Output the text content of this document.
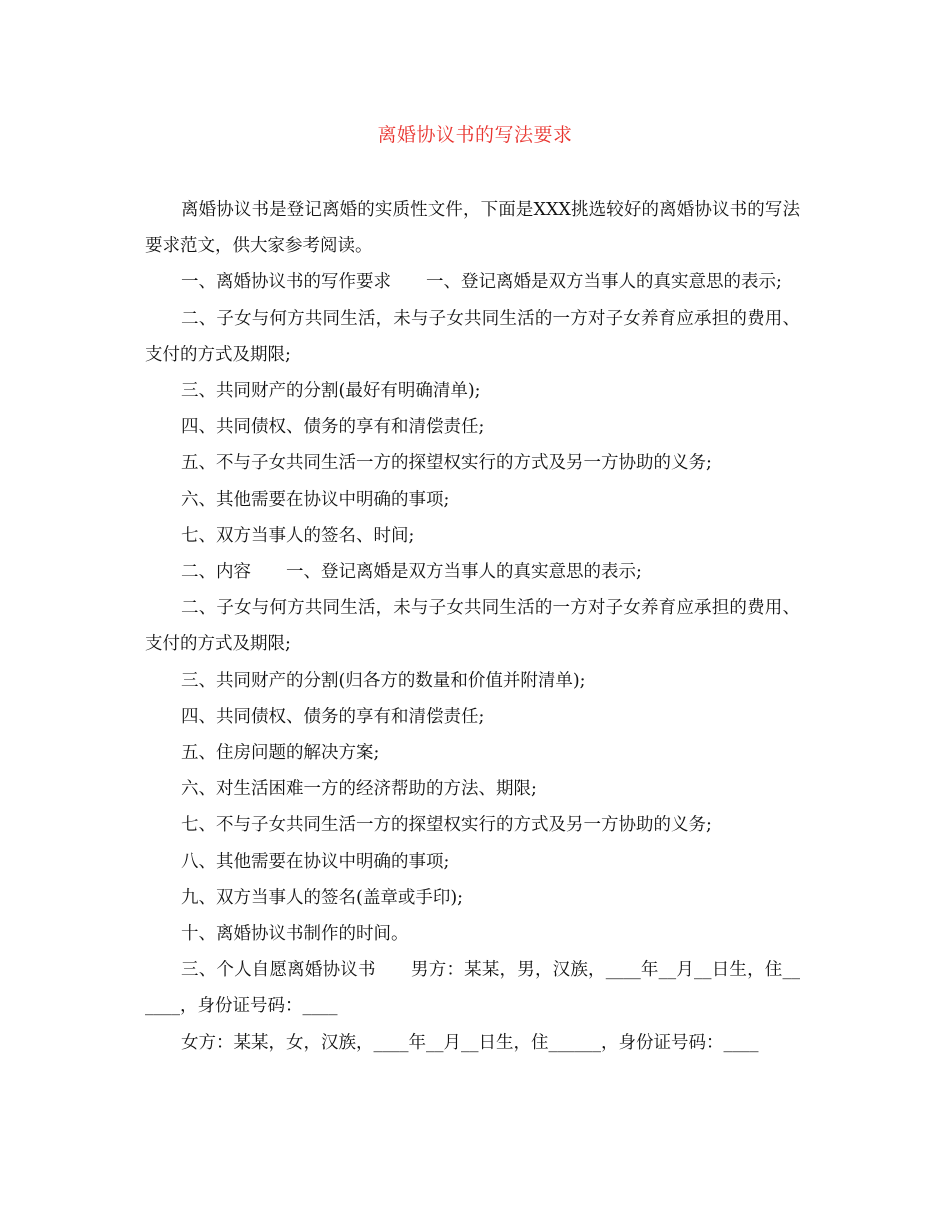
离婚协议书的写法要求

离婚协议书是登记离婚的实质性文件，下面是XXX挑选较好的离婚协议书的写法要求范文，供大家参考阅读。

一、离婚协议书的写作要求　　一、登记离婚是双方当事人的真实意思的表示;

二、子女与何方共同生活，未与子女共同生活的一方对子女养育应承担的费用、支付的方式及期限;

三、共同财产的分割(最好有明确清单);

四、共同债权、债务的享有和清偿责任;

五、不与子女共同生活一方的探望权实行的方式及另一方协助的义务;

六、其他需要在协议中明确的事项;

七、双方当事人的签名、时间;

二、内容　　一、登记离婚是双方当事人的真实意思的表示;

二、子女与何方共同生活，未与子女共同生活的一方对子女养育应承担的费用、支付的方式及期限;

三、共同财产的分割(归各方的数量和价值并附清单);

四、共同债权、债务的享有和清偿责任;

五、住房问题的解决方案;

六、对生活困难一方的经济帮助的方法、期限;

七、不与子女共同生活一方的探望权实行的方式及另一方协助的义务;

八、其他需要在协议中明确的事项;

九、双方当事人的签名(盖章或手印);

十、离婚协议书制作的时间。

三、个人自愿离婚协议书　　男方：某某，男，汉族，____年__月__日生，住______，身份证号码：____

女方：某某，女，汉族，____年__月__日生，住______，身份证号码：____
